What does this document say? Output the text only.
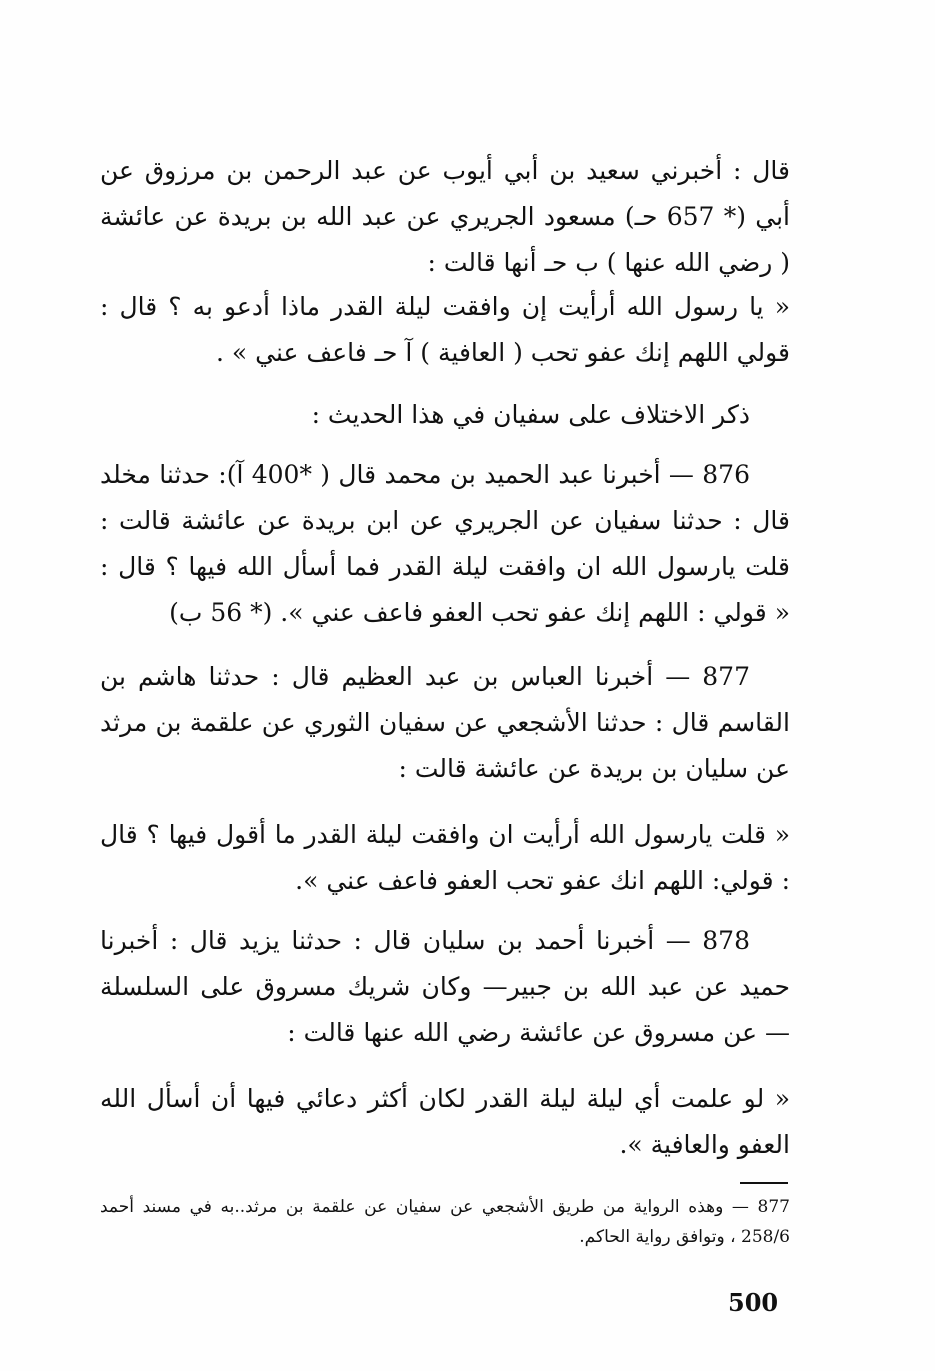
قال : أخبرني سعيد بن أبي أيوب عن عبد الرحمن بن مرزوق عن أبي (* 657 حـ) مسعود الجريري عن عبد الله بن بريدة عن عائشة ( رضي الله عنها ) ب حـ أنها قالت :

« يا رسول الله أرأيت إن وافقت ليلة القدر ماذا أدعو به ؟ قال : قولي اللهم إنك عفو تحب ( العافية ) آ حـ فاعف عني » .

ذكر الاختلاف على سفيان في هذا الحديث :

876 — أخبرنا عبد الحميد بن محمد قال ( *400 آ): حدثنا مخلد قال : حدثنا سفيان عن الجريري عن ابن بريدة عن عائشة قالت : قلت يارسول الله ان وافقت ليلة القدر فما أسأل الله فيها ؟ قال : « قولي : اللهم إنك عفو تحب العفو فاعف عني ». (* 56 ب)

877 — أخبرنا العباس بن عبد العظيم قال : حدثنا هاشم بن القاسم قال : حدثنا الأشجعي عن سفيان الثوري عن علقمة بن مرثد عن سليان بن بريدة عن عائشة قالت :

« قلت يارسول الله أرأيت ان وافقت ليلة القدر ما أقول فيها ؟ قال : قولي: اللهم انك عفو تحب العفو فاعف عني ».

878 — أخبرنا أحمد بن سليان قال : حدثنا يزيد قال : أخبرنا حميد عن عبد الله بن جبير— وكان شريك مسروق على السلسلة — عن مسروق عن عائشة رضي الله عنها قالت :

« لو علمت أي ليلة ليلة القدر لكان أكثر دعائي فيها أن أسأل الله العفو والعافية ».

877 — وهذه الرواية من طريق الأشجعي عن سفيان عن علقمة بن مرثد..به في مسند أحمد 258/6 ، وتوافق رواية الحاكم.

500
